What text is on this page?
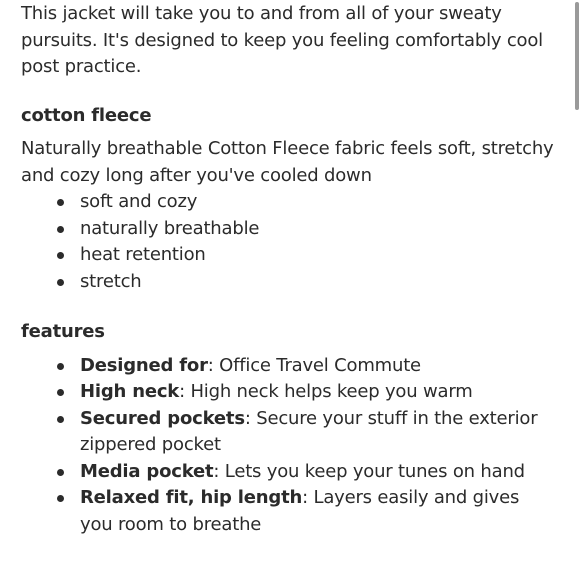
This jacket will take you to and from all of your sweaty pursuits. It's designed to keep you feeling comfortably cool post practice.

cotton fleece

Naturally breathable Cotton Fleece fabric feels soft, stretchy and cozy long after you've cooled down

soft and cozy
naturally breathable
heat retention
stretch
features
Designed for: Office Travel Commute
High neck: High neck helps keep you warm
Secured pockets: Secure your stuff in the exterior zippered pocket
Media pocket: Lets you keep your tunes on hand
Relaxed fit, hip length: Layers easily and gives you room to breathe
